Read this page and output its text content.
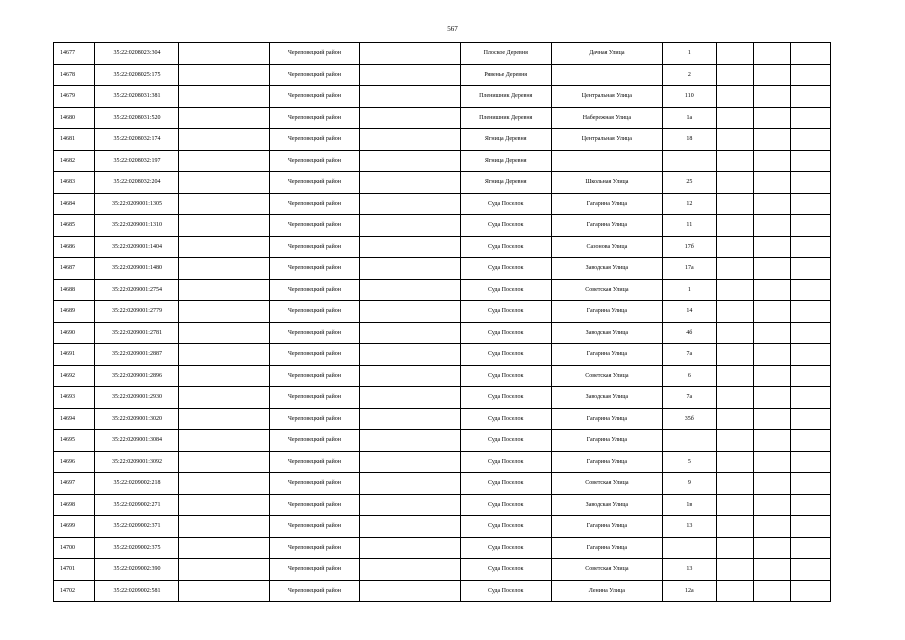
567
14677	35:22:0208023:304		Череповецкий район		Плоское Деревня	Дачная Улица	1			
14678	35:22:0208025:175		Череповецкий район		Рявенье Деревня		2			
14679	35:22:0208031:381		Череповецкий район		Пленишник Деревня	Центральная Улица	110			
14680	35:22:0208031:520		Череповецкий район		Пленишник Деревня	Набережная Улица	1а			
14681	35:22:0208032:174		Череповецкий район		Ягница Деревня	Центральная Улица	18			
14682	35:22:0208032:197		Череповецкий район		Ягница Деревня					
14683	35:22:0208032:204		Череповецкий район		Ягница Деревня	Школьная Улица	25			
14684	35:22:0209001:1305		Череповецкий район		Суда Поселок	Гагарина Улица	12			
14685	35:22:0209001:1310		Череповецкий район		Суда Поселок	Гагарина Улица	11			
14686	35:22:0209001:1404		Череповецкий район		Суда Поселок	Сазонова Улица	17б			
14687	35:22:0209001:1480		Череповецкий район		Суда Поселок	Заводская Улица	17а			
14688	35:22:0209001:2754		Череповецкий район		Суда Поселок	Советская Улица	1			
14689	35:22:0209001:2779		Череповецкий район		Суда Поселок	Гагарина Улица	14			
14690	35:22:0209001:2781		Череповецкий район		Суда Поселок	Заводская Улица	4б			
14691	35:22:0209001:2887		Череповецкий район		Суда Поселок	Гагарина Улица	7а			
14692	35:22:0209001:2896		Череповецкий район		Суда Поселок	Советская Улица	6			
14693	35:22:0209001:2930		Череповецкий район		Суда Поселок	Заводская Улица	7а			
14694	35:22:0209001:3020		Череповецкий район		Суда Поселок	Гагарина Улица	35б			
14695	35:22:0209001:3084		Череповецкий район		Суда Поселок	Гагарина Улица				
14696	35:22:0209001:3092		Череповецкий район		Суда Поселок	Гагарина Улица	5			
14697	35:22:0209002:218		Череповецкий район		Суда Поселок	Советская Улица	9			
14698	35:22:0209002:271		Череповецкий район		Суда Поселок	Заводская Улица	1в			
14699	35:22:0209002:371		Череповецкий район		Суда Поселок	Гагарина Улица	13			
14700	35:22:0209002:375		Череповецкий район		Суда Поселок	Гагарина Улица				
14701	35:22:0209002:390		Череповецкий район		Суда Поселок	Советская Улица	13			
14702	35:22:0209002:581		Череповецкий район		Суда Поселок	Ленина Улица	12а			
